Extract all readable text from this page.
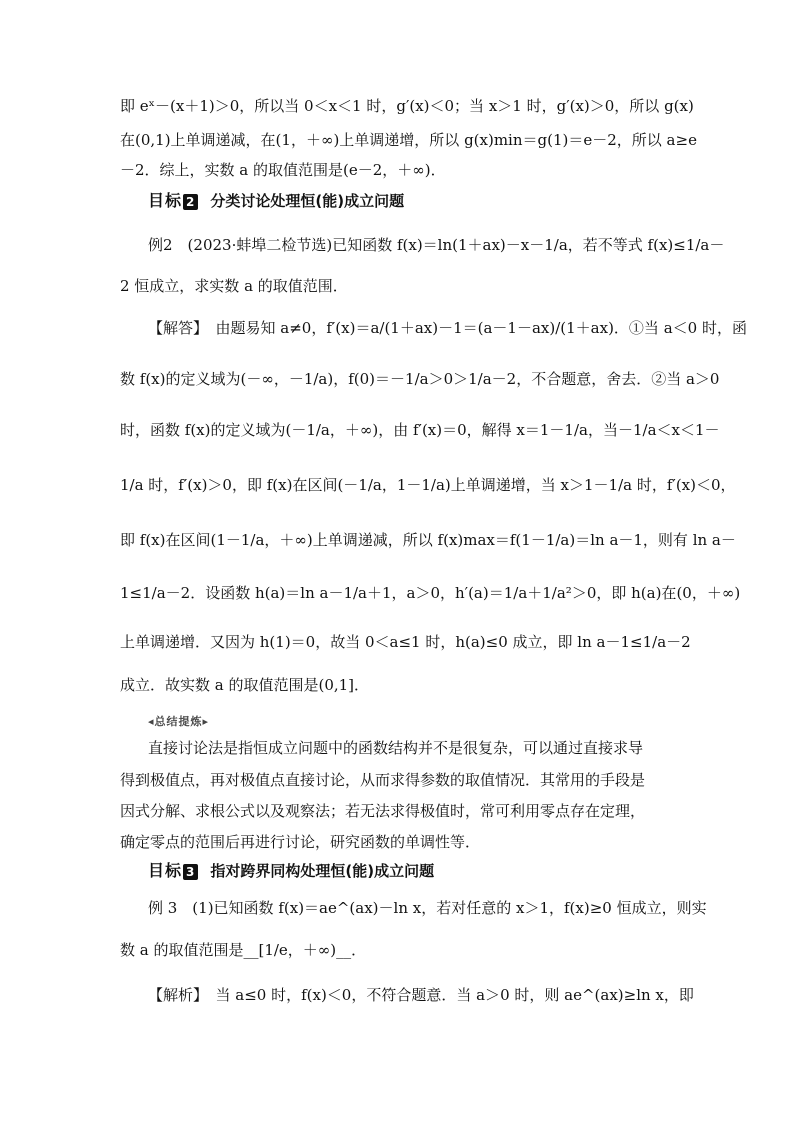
即 eˣ－(x＋1)＞0，所以当 0＜x＜1 时，g′(x)＜0；当 x＞1 时，g′(x)＞0，所以 g(x)
在(0,1)上单调递减，在(1，＋∞)上单调递增，所以 g(x)min＝g(1)＝e－2，所以 a≥e
－2．综上，实数 a 的取值范围是(e－2，＋∞)．
目标 2 分类讨论处理恒(能)成立问题
例2　(2023·蚌埠二检节选)已知函数 f(x)＝ln(1＋ax)－x－1/a，若不等式 f(x)≤1/a－
2 恒成立，求实数 a 的取值范围．
【解答】　由题易知 a≠0，f′(x)＝a/(1＋ax)－1＝(a－1－ax)/(1＋ax)．①当 a＜0 时，函
数 f(x)的定义域为(－∞，－1/a)，f(0)＝－1/a＞0＞1/a－2，不合题意，舍去．②当 a＞0
时，函数 f(x)的定义域为(－1/a，＋∞)，由 f′(x)＝0，解得 x＝1－1/a，当－1/a＜x＜1－
1/a 时，f′(x)＞0，即 f(x)在区间(－1/a，1－1/a)上单调递增，当 x＞1－1/a 时，f′(x)＜0，
即 f(x)在区间(1－1/a，＋∞)上单调递减，所以 f(x)max＝f(1－1/a)＝ln a－1，则有 ln a－
1≤1/a－2．设函数 h(a)＝ln a－1/a＋1，a＞0，h′(a)＝1/a＋1/a²＞0，即 h(a)在(0，＋∞)
上单调递增．又因为 h(1)＝0，故当 0＜a≤1 时，h(a)≤0 成立，即 ln a－1≤1/a－2
成立．故实数 a 的取值范围是(0,1]．
◂总结提炼▸
直接讨论法是指恒成立问题中的函数结构并不是很复杂，可以通过直接求导
得到极值点，再对极值点直接讨论，从而求得参数的取值情况．其常用的手段是
因式分解、求根公式以及观察法；若无法求得极值时，常可利用零点存在定理，
确定零点的范围后再进行讨论，研究函数的单调性等．
目标 3 指对跨界同构处理恒(能)成立问题
例 3　(1)已知函数 f(x)＝ae^(ax)－ln x，若对任意的 x＞1，f(x)≥0 恒成立，则实
数 a 的取值范围是__[1/e，＋∞)__．
【解析】　当 a≤0 时，f(x)＜0，不符合题意．当 a＞0 时，则 ae^(ax)≥ln x，即
